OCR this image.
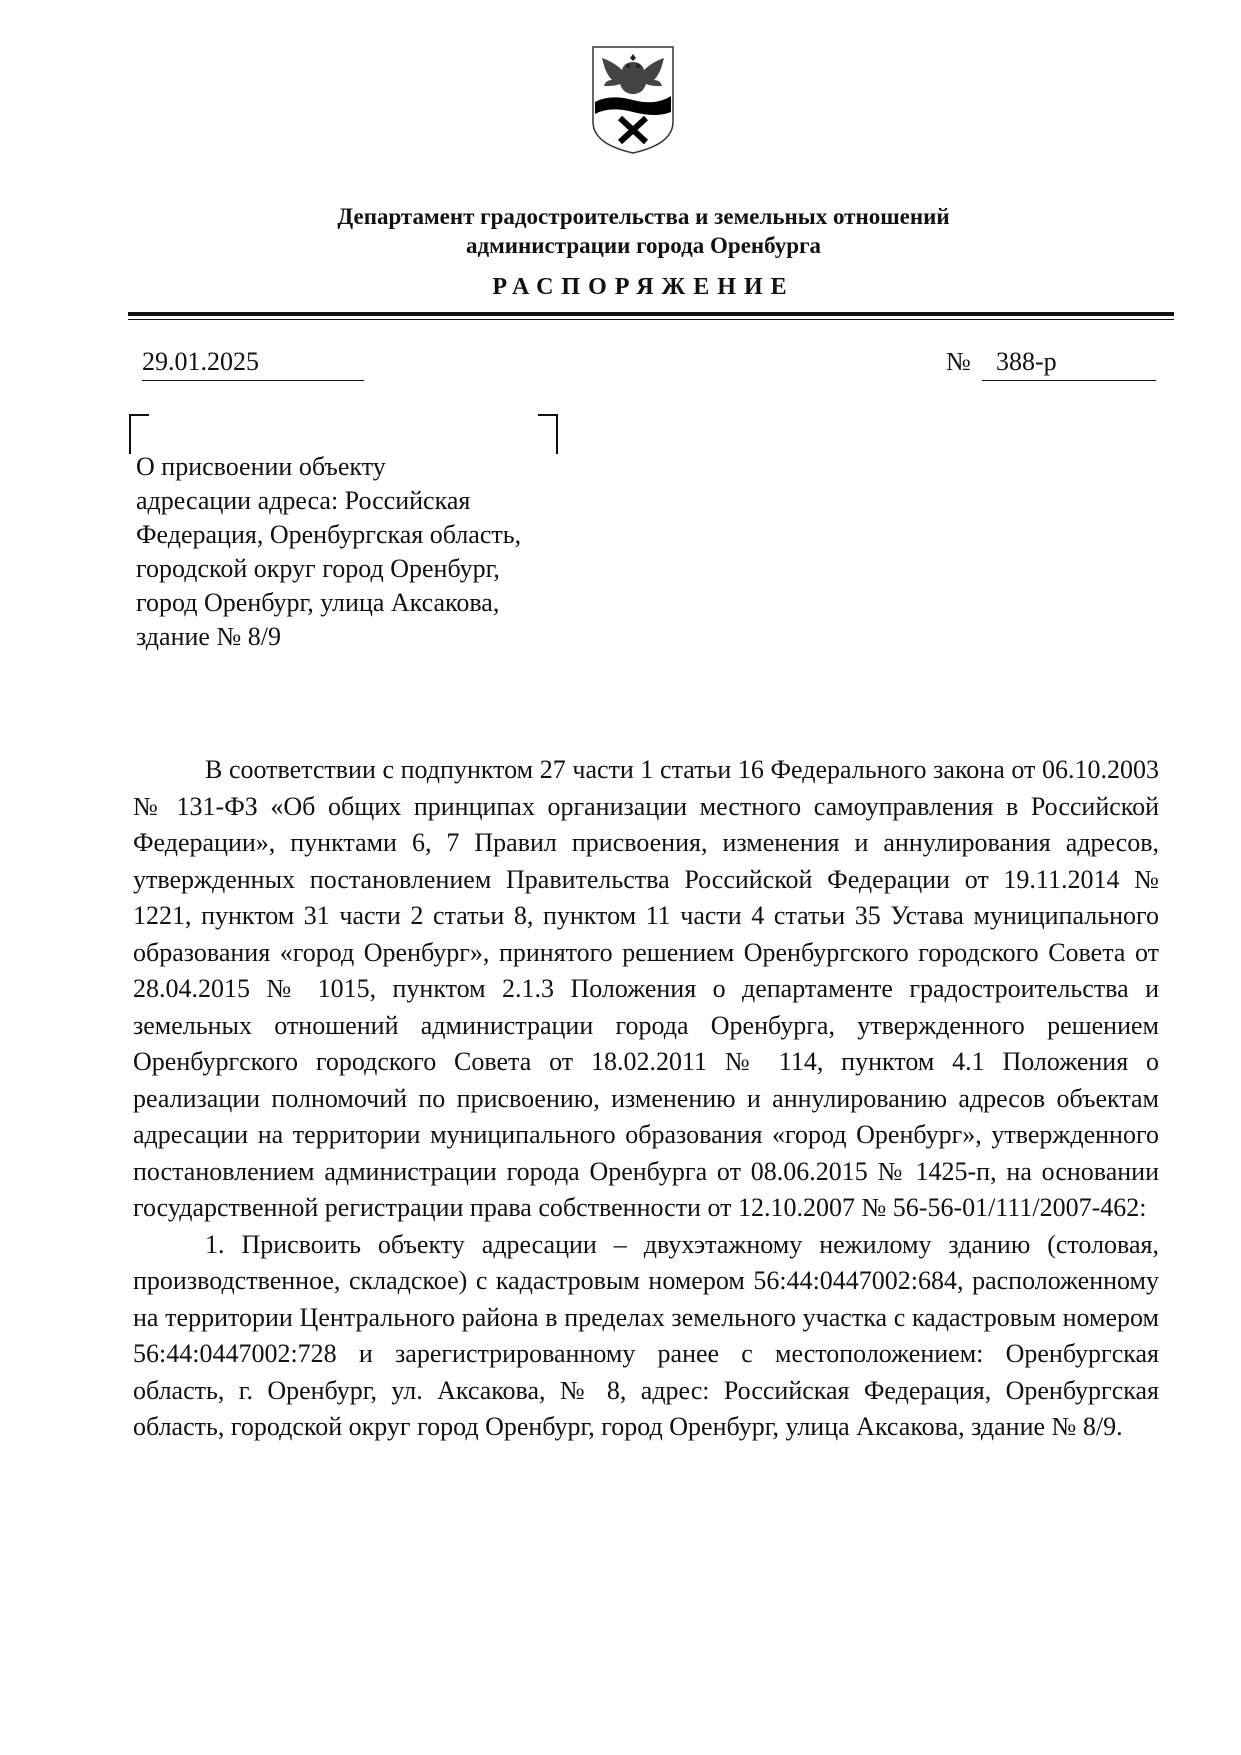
Департамент градостроительства и земельных отношений
администрации города Оренбурга
РАСПОРЯЖЕНИЕ
29.01.2025	№ 388-р
О присвоении объекту
адресации адреса: Российская
Федерация, Оренбургская область,
городской округ город Оренбург,
город Оренбург, улица Аксакова,
здание № 8/9

В соответствии с подпунктом 27 части 1 статьи 16 Федерального закона от 06.10.2003 № 131-ФЗ «Об общих принципах организации местного самоуправления в Российской Федерации», пунктами 6, 7 Правил присвоения, изменения и аннулирования адресов, утвержденных постановлением Правительства Российской Федерации от 19.11.2014 № 1221, пунктом 31 части 2 статьи 8, пунктом 11 части 4 статьи 35 Устава муниципального образования «город Оренбург», принятого решением Оренбургского городского Совета от 28.04.2015 № 1015, пунктом 2.1.3 Положения о департаменте градостроительства и земельных отношений администрации города Оренбурга, утвержденного решением Оренбургского городского Совета от 18.02.2011 № 114, пунктом 4.1 Положения о реализации полномочий по присвоению, изменению и аннулированию адресов объектам адресации на территории муниципального образования «город Оренбург», утвержденного постановлением администрации города Оренбурга от 08.06.2015 № 1425-п, на основании государственной регистрации права собственности от 12.10.2007 № 56-56-01/111/2007-462:

1. Присвоить объекту адресации – двухэтажному нежилому зданию (столовая, производственное, складское) с кадастровым номером 56:44:0447002:684, расположенному на территории Центрального района в пределах земельного участка с кадастровым номером 56:44:0447002:728 и зарегистрированному ранее с местоположением: Оренбургская область, г. Оренбург, ул. Аксакова, № 8, адрес: Российская Федерация, Оренбургская область, городской округ город Оренбург, город Оренбург, улица Аксакова, здание № 8/9.
